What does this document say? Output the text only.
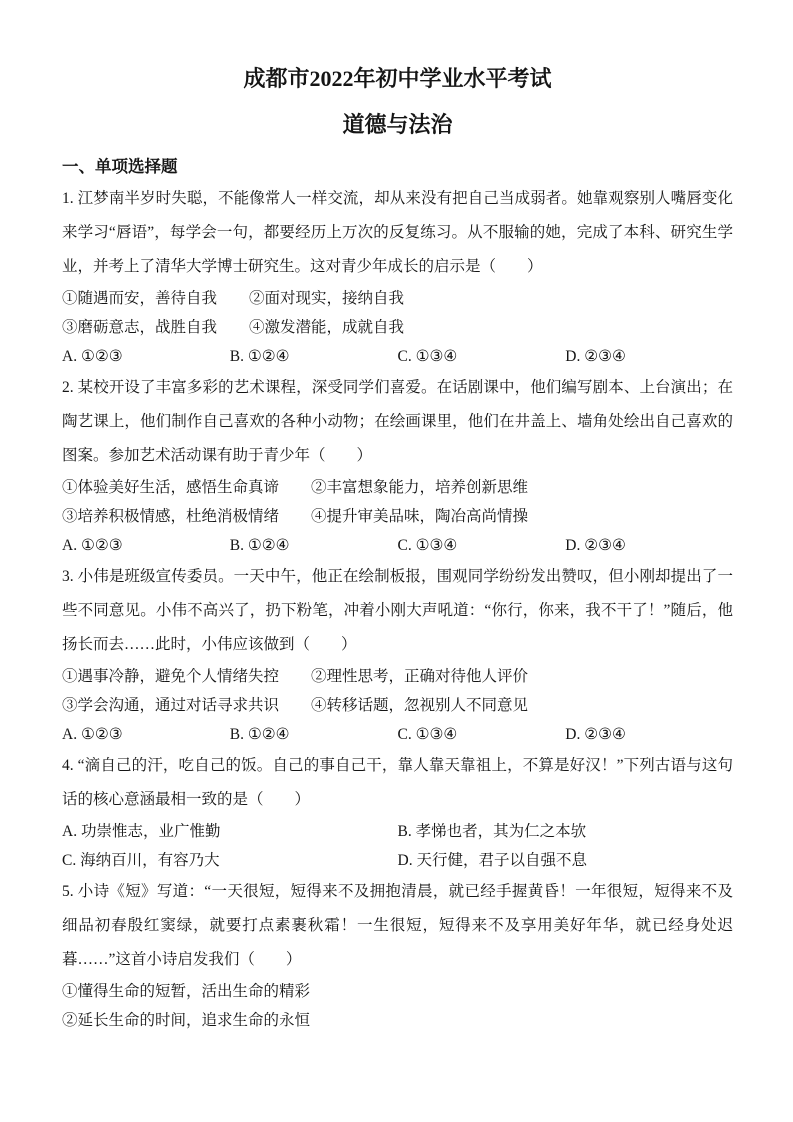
成都市2022年初中学业水平考试
道德与法治
一、单项选择题

1. 江梦南半岁时失聪，不能像常人一样交流，却从来没有把自己当成弱者。她靠观察别人嘴唇变化来学习“唇语”，每学会一句，都要经历上万次的反复练习。从不服输的她，完成了本科、研究生学业，并考上了清华大学博士研究生。这对青少年成长的启示是（　　）

①随遇而安，善待自我 ②面对现实，接纳自我
③磨砺意志，战胜自我 ④激发潜能，成就自我
A. ①②③	B. ①②④	C. ①③④	D. ②③④

2. 某校开设了丰富多彩的艺术课程，深受同学们喜爱。在话剧课中，他们编写剧本、上台演出；在陶艺课上，他们制作自己喜欢的各种小动物；在绘画课里，他们在井盖上、墙角处绘出自己喜欢的图案。参加艺术活动课有助于青少年（　　）

①体验美好生活，感悟生命真谛 ②丰富想象能力，培养创新思维
③培养积极情感，杜绝消极情绪 ④提升审美品味，陶冶高尚情操
A. ①②③	B. ①②④	C. ①③④	D. ②③④

3. 小伟是班级宣传委员。一天中午，他正在绘制板报，围观同学纷纷发出赞叹，但小刚却提出了一些不同意见。小伟不高兴了，扔下粉笔，冲着小刚大声吼道：“你行，你来，我不干了！”随后，他扬长而去……此时，小伟应该做到（　　）

①遇事冷静，避免个人情绪失控 ②理性思考，正确对待他人评价
③学会沟通，通过对话寻求共识 ④转移话题，忽视别人不同意见
A. ①②③	B. ①②④	C. ①③④	D. ②③④

4. “滴自己的汗，吃自己的饭。自己的事自己干，靠人靠天靠祖上，不算是好汉！”下列古语与这句话的核心意涵最相一致的是（　　）

A. 功崇惟志，业广惟勤	B. 孝悌也者，其为仁之本欤
C. 海纳百川，有容乃大	D. 天行健，君子以自强不息

5. 小诗《短》写道：“一天很短，短得来不及拥抱清晨，就已经手握黄昏！一年很短，短得来不及细品初春殷红窦绿，就要打点素裹秋霜！一生很短，短得来不及享用美好年华，就已经身处迟暮……”这首小诗启发我们（　　）

①懂得生命的短暂，活出生命的精彩
②延长生命的时间，追求生命的永恒
